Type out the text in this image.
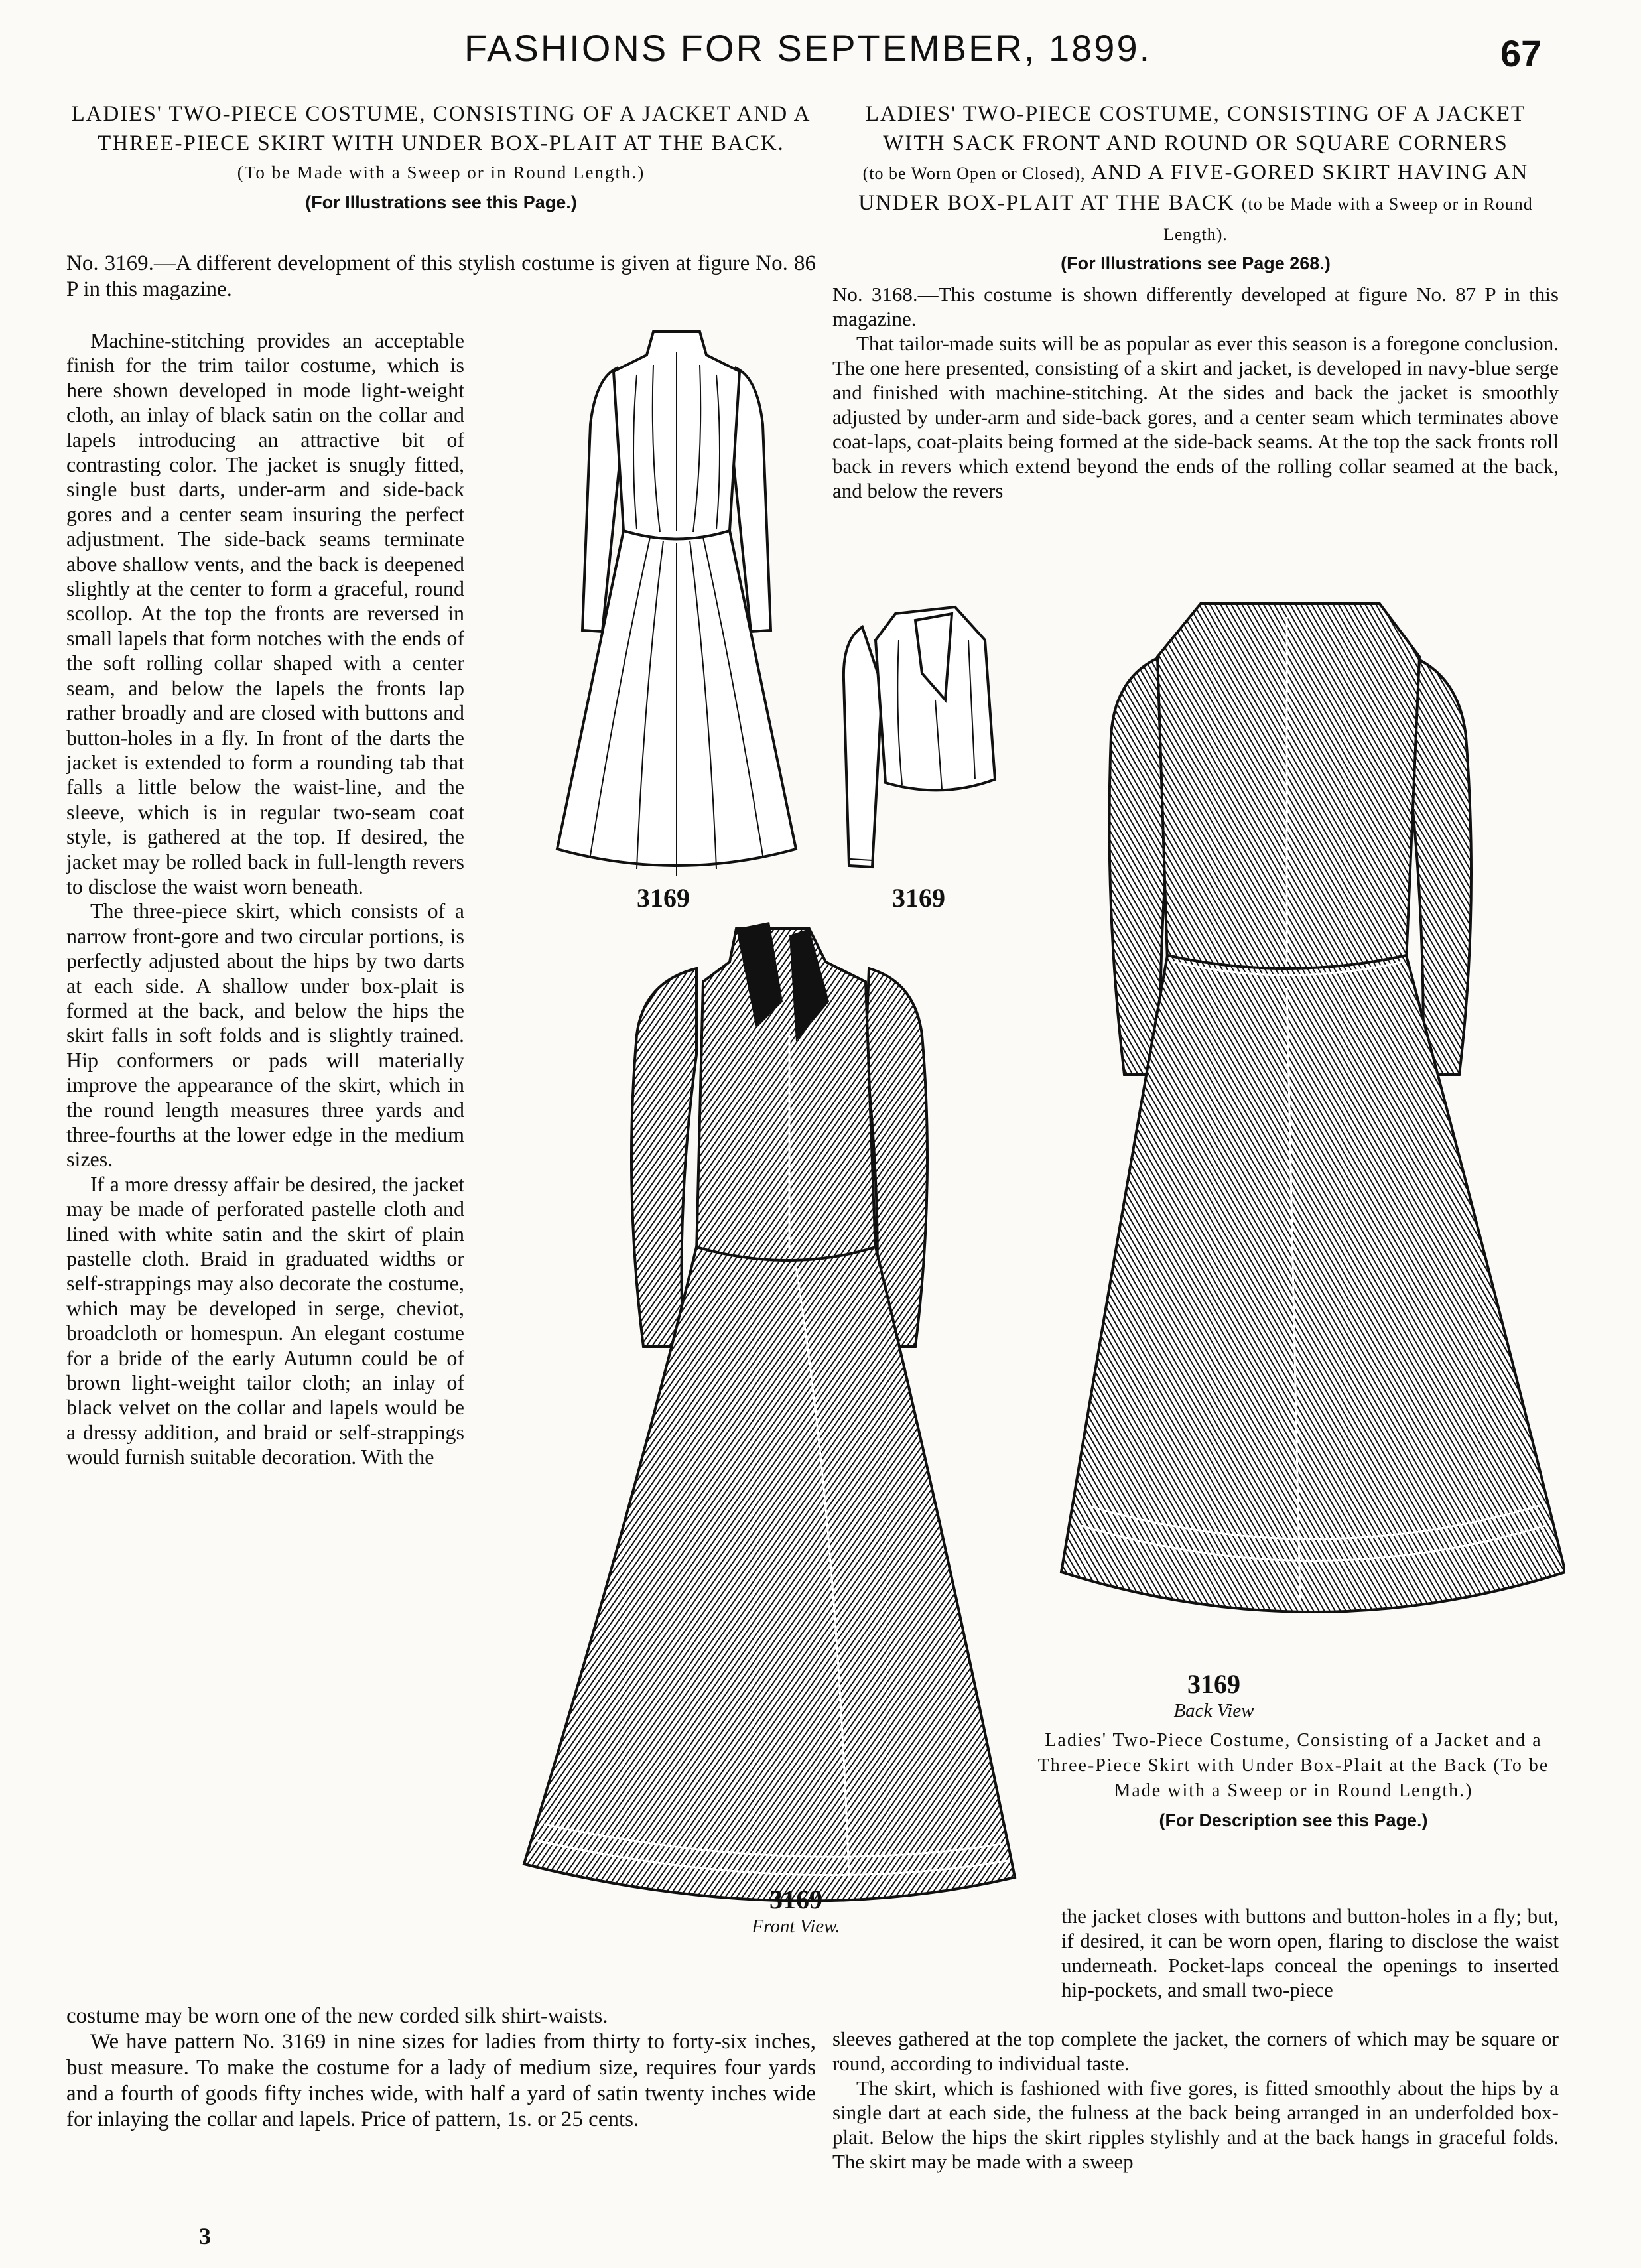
FASHIONS FOR SEPTEMBER, 1899.	67
LADIES' TWO-PIECE COSTUME, CONSISTING OF A JACKET AND A THREE-PIECE SKIRT WITH UNDER BOX-PLAIT AT THE BACK.
(To be Made with a Sweep or in Round Length.)
(For Illustrations see this Page.)

No. 3169.—A different development of this stylish costume is given at figure No. 86 P in this magazine.

Machine-stitching provides an acceptable finish for the trim tailor costume, which is here shown developed in mode light-weight cloth, an inlay of black satin on the collar and lapels introducing an attractive bit of contrasting color. The jacket is snugly fitted, single bust darts, under-arm and side-back gores and a center seam insuring the perfect adjustment. The side-back seams terminate above shallow vents, and the back is deepened slightly at the center to form a graceful, round scollop. At the top the fronts are reversed in small lapels that form notches with the ends of the soft rolling collar shaped with a center seam, and below the lapels the fronts lap rather broadly and are closed with buttons and button-holes in a fly. In front of the darts the jacket is extended to form a rounding tab that falls a little below the waist-line, and the sleeve, which is in regular two-seam coat style, is gathered at the top. If desired, the jacket may be rolled back in full-length revers to disclose the waist worn beneath.

The three-piece skirt, which consists of a narrow front-gore and two circular portions, is perfectly adjusted about the hips by two darts at each side. A shallow under box-plait is formed at the back, and below the hips the skirt falls in soft folds and is slightly trained. Hip conformers or pads will materially improve the appearance of the skirt, which in the round length measures three yards and three-fourths at the lower edge in the medium sizes.

If a more dressy affair be desired, the jacket may be made of perforated pastelle cloth and lined with white satin and the skirt of plain pastelle cloth. Braid in graduated widths or self-strappings may also decorate the costume, which may be developed in serge, cheviot, broadcloth or homespun. An elegant costume for a bride of the early Autumn could be of brown light-weight tailor cloth; an inlay of black velvet on the collar and lapels would be a dressy addition, and braid or self-strappings would furnish suitable decoration. With the

costume may be worn one of the new corded silk shirt-waists.

We have pattern No. 3169 in nine sizes for ladies from thirty to forty-six inches, bust measure. To make the costume for a lady of medium size, requires four yards and a fourth of goods fifty inches wide, with half a yard of satin twenty inches wide for inlaying the collar and lapels. Price of pattern, 1s. or 25 cents.

3
LADIES' TWO-PIECE COSTUME, CONSISTING OF A JACKET WITH SACK FRONT AND ROUND OR SQUARE CORNERS
(to be Worn Open or Closed), AND A FIVE-GORED SKIRT HAVING AN UNDER BOX-PLAIT AT THE BACK (to be Made with a Sweep or in Round Length).
(For Illustrations see Page 268.)

No. 3168.—This costume is shown differently developed at figure No. 87 P in this magazine.

That tailor-made suits will be as popular as ever this season is a foregone conclusion. The one here presented, consisting of a skirt and jacket, is developed in navy-blue serge and finished with machine-stitching. At the sides and back the jacket is smoothly adjusted by under-arm and side-back gores, and a center seam which terminates above coat-laps, coat-plaits being formed at the side-back seams. At the top the sack fronts roll back in revers which extend beyond the ends of the rolling collar seamed at the back, and below the revers

the jacket closes with buttons and button-holes in a fly; but, if desired, it can be worn open, flaring to disclose the waist underneath. Pocket-laps conceal the openings to inserted hip-pockets, and small two-piece

sleeves gathered at the top complete the jacket, the corners of which may be square or round, according to individual taste.

The skirt, which is fashioned with five gores, is fitted smoothly about the hips by a single dart at each side, the fulness at the back being arranged in an underfolded box-plait. Below the hips the skirt ripples stylishly and at the back hangs in graceful folds. The skirt may be made with a sweep

3169	3169
3169
Front View.
3169
Back View
Ladies' Two-Piece Costume, Consisting of a Jacket and a Three-Piece Skirt with Under Box-Plait at the Back (To be Made with a Sweep or in Round Length.)
(For Description see this Page.)
